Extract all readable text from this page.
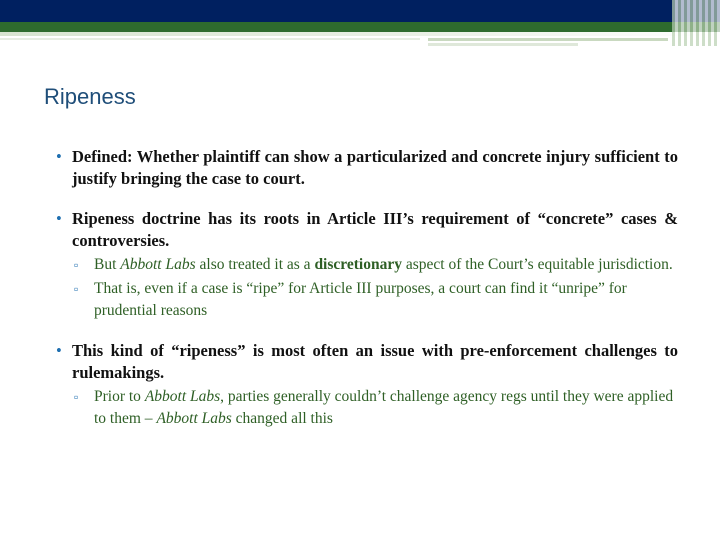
Ripeness
• Defined: Whether plaintiff can show a particularized and concrete injury sufficient to justify bringing the case to court.
• Ripeness doctrine has its roots in Article III’s requirement of “concrete” cases & controversies.
▫ But Abbott Labs also treated it as a discretionary aspect of the Court’s equitable jurisdiction.
▫ That is, even if a case is “ripe” for Article III purposes, a court can find it “unripe” for prudential reasons
• This kind of “ripeness” is most often an issue with pre-enforcement challenges to rulemakings.
▫ Prior to Abbott Labs, parties generally couldn’t challenge agency regs until they were applied to them – Abbott Labs changed all this
